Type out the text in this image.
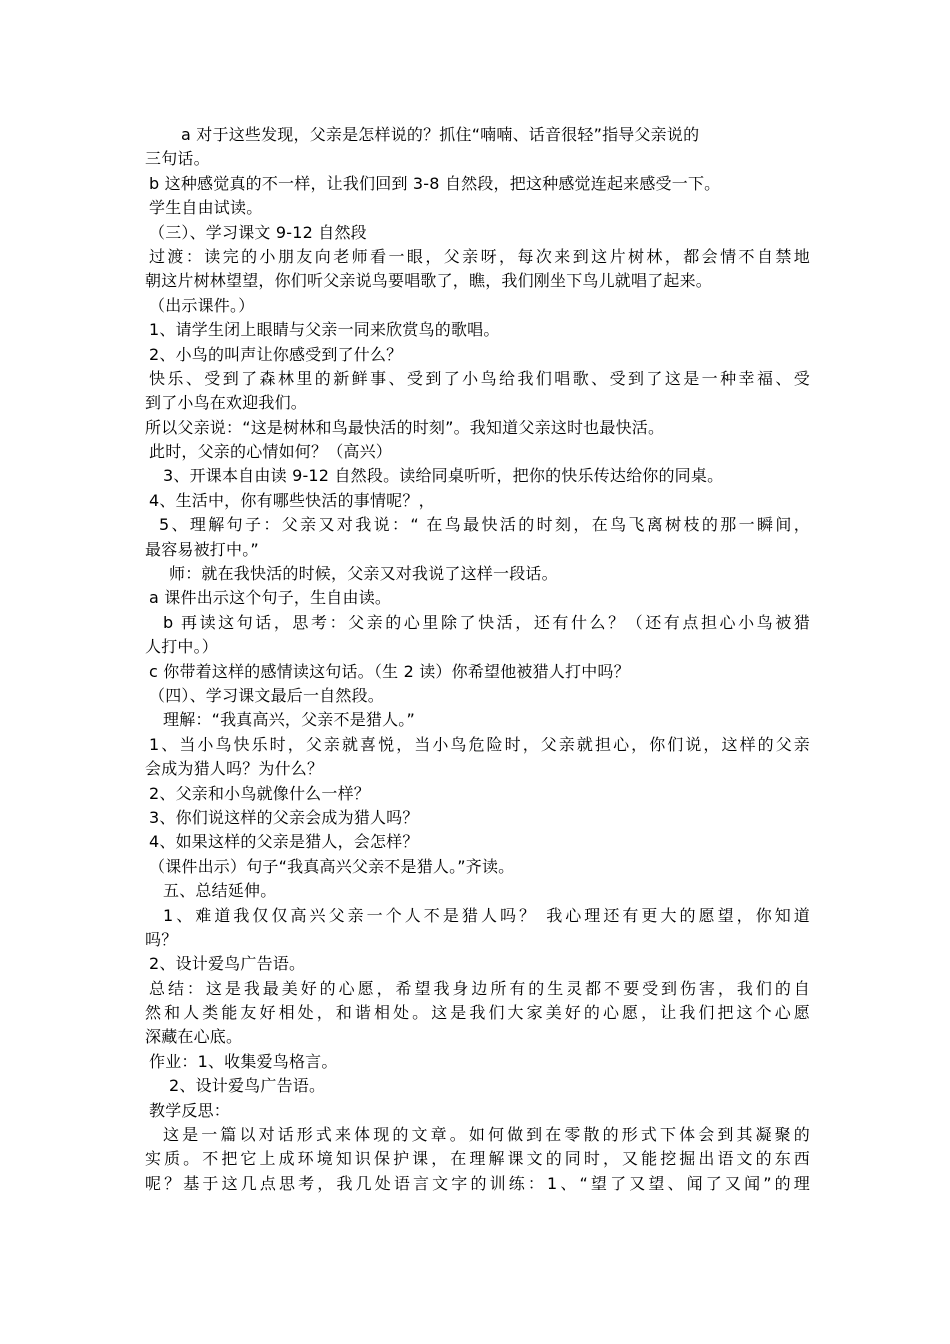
a 对于这些发现，父亲是怎样说的？抓住“喃喃、话音很轻”指导父亲说的
三句话。
b 这种感觉真的不一样，让我们回到 3-8 自然段，把这种感觉连起来感受一下。
学生自由试读。
（三）、学习课文 9-12 自然段
过渡：读完的小朋友向老师看一眼，父亲呀，每次来到这片树林，都会情不自禁地
朝这片树林望望，你们听父亲说鸟要唱歌了，瞧，我们刚坐下鸟儿就唱了起来。
（出示课件。）
1、请学生闭上眼睛与父亲一同来欣赏鸟的歌唱。
2、小鸟的叫声让你感受到了什么？
快乐、受到了森林里的新鲜事、受到了小鸟给我们唱歌、受到了这是一种幸福、受
到了小鸟在欢迎我们。
所以父亲说：“这是树林和鸟最快活的时刻”。我知道父亲这时也最快活。
此时，父亲的心情如何？（高兴）
3、开课本自由读 9-12 自然段。读给同桌听听，把你的快乐传达给你的同桌。
4、生活中，你有哪些快活的事情呢？，
5、理解句子：父亲又对我说：“ 在鸟最快活的时刻，在鸟飞离树枝的那一瞬间，
最容易被打中。”
师：就在我快活的时候，父亲又对我说了这样一段话。
a 课件出示这个句子，生自由读。
b 再读这句话，思考：父亲的心里除了快活，还有什么？（还有点担心小鸟被猎
人打中。）
c 你带着这样的感情读这句话。（生 2 读）你希望他被猎人打中吗？
（四）、学习课文最后一自然段。
理解：“我真高兴，父亲不是猎人。”
1、当小鸟快乐时，父亲就喜悦，当小鸟危险时，父亲就担心，你们说，这样的父亲
会成为猎人吗？为什么？
2、父亲和小鸟就像什么一样？
3、你们说这样的父亲会成为猎人吗？
4、如果这样的父亲是猎人，会怎样？
（课件出示）句子“我真高兴父亲不是猎人。”齐读。
五、总结延伸。
1、难道我仅仅高兴父亲一个人不是猎人吗？ 我心理还有更大的愿望，你知道
吗？
2、设计爱鸟广告语。
总结：这是我最美好的心愿，希望我身边所有的生灵都不要受到伤害，我们的自
然和人类能友好相处，和谐相处。这是我们大家美好的心愿，让我们把这个心愿
深藏在心底。
作业：1、收集爱鸟格言。
2、设计爱鸟广告语。
教学反思：
这是一篇以对话形式来体现的文章。如何做到在零散的形式下体会到其凝聚的
实质。不把它上成环境知识保护课，在理解课文的同时，又能挖掘出语文的东西
呢？基于这几点思考，我几处语言文字的训练：1、“望了又望、闻了又闻”的理
